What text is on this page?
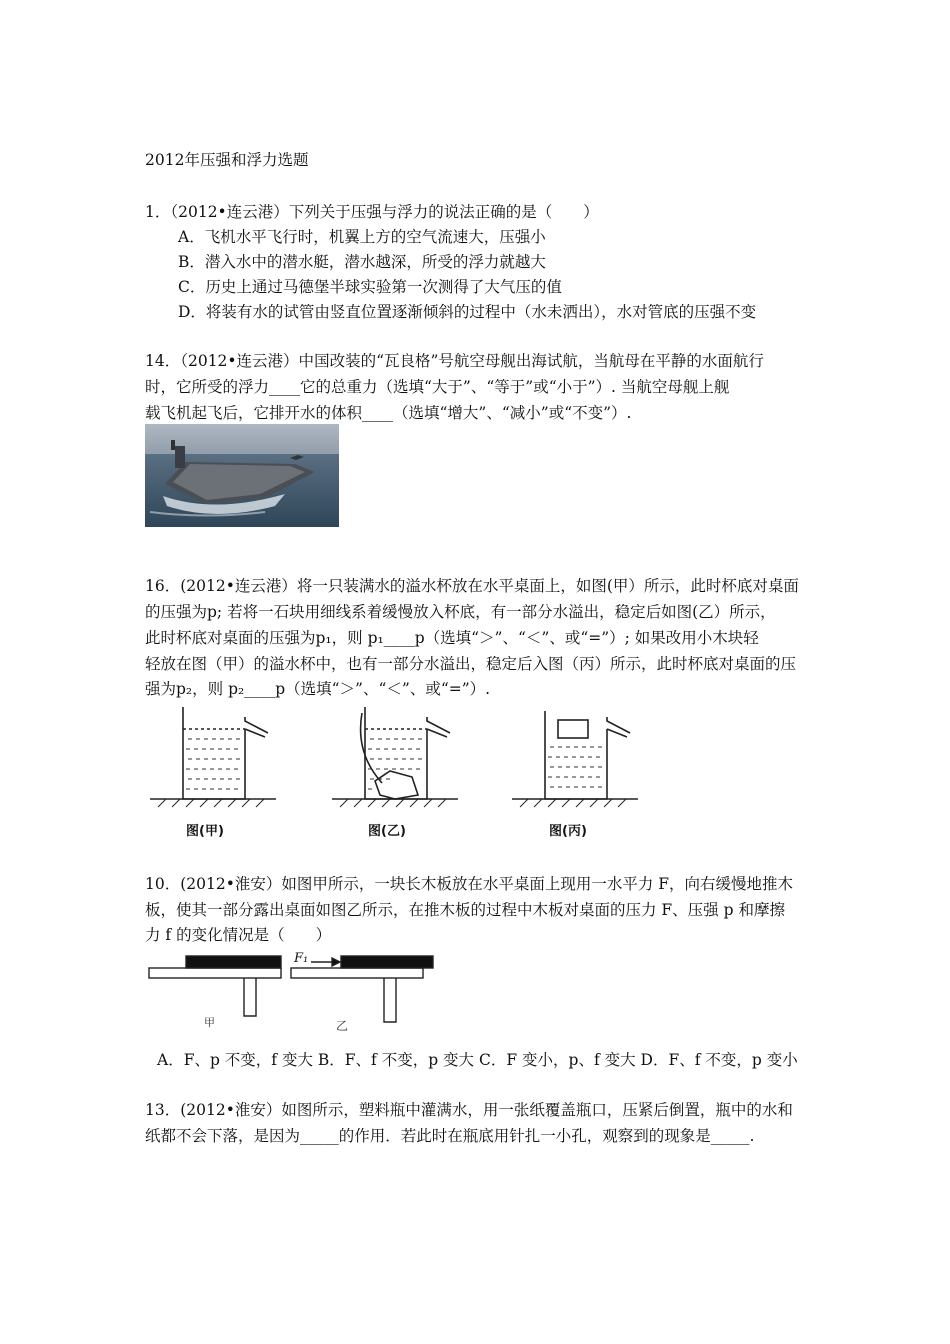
2012年压强和浮力选题
1．（2012•连云港）下列关于压强与浮力的说法正确的是（　　）
A．飞机水平飞行时，机翼上方的空气流速大，压强小
B．潜入水中的潜水艇，潜水越深，所受的浮力就越大
C．历史上通过马德堡半球实验第一次测得了大气压的值
D．将装有水的试管由竖直位置逐渐倾斜的过程中（水未洒出），水对管底的压强不变
14．（2012•连云港）中国改装的“瓦良格”号航空母舰出海试航，当航母在平静的水面航行
时，它所受的浮力____它的总重力（选填“大于”、“等于”或“小于”）. 当航空母舰上舰
载飞机起飞后，它排开水的体积____（选填“增大”、“减小”或“不变”）.
16．(2012•连云港）将一只装满水的溢水杯放在水平桌面上，如图(甲）所示，此时杯底对桌面
的压强为p; 若将一石块用细线系着缓慢放入杯底，有一部分水溢出，稳定后如图(乙）所示，
此时杯底对桌面的压强为p₁，则 p₁____p（选填“＞”、“＜”、或“=”）; 如果改用小木块轻
轻放在图（甲）的溢水杯中，也有一部分水溢出，稳定后入图（丙）所示，此时杯底对桌面的压
强为p₂，则 p₂____p（选填“＞”、“＜”、或“=”）.
图(甲)	图(乙)	图(丙)
10．(2012•淮安）如图甲所示，一块长木板放在水平桌面上现用一水平力 F，向右缓慢地推木
板，使其一部分露出桌面如图乙所示，在推木板的过程中木板对桌面的压力 F、压强 p 和摩擦
力 f 的变化情况是（　　）
F₁
甲	乙
A．F、p 不变，f 变大 B．F、f 不变，p 变大 C．F 变小，p、f 变大 D．F、f 不变，p 变小
13．(2012•淮安）如图所示，塑料瓶中灌满水，用一张纸覆盖瓶口，压紧后倒置，瓶中的水和
纸都不会下落，是因为_____的作用．若此时在瓶底用针扎一小孔，观察到的现象是_____.
